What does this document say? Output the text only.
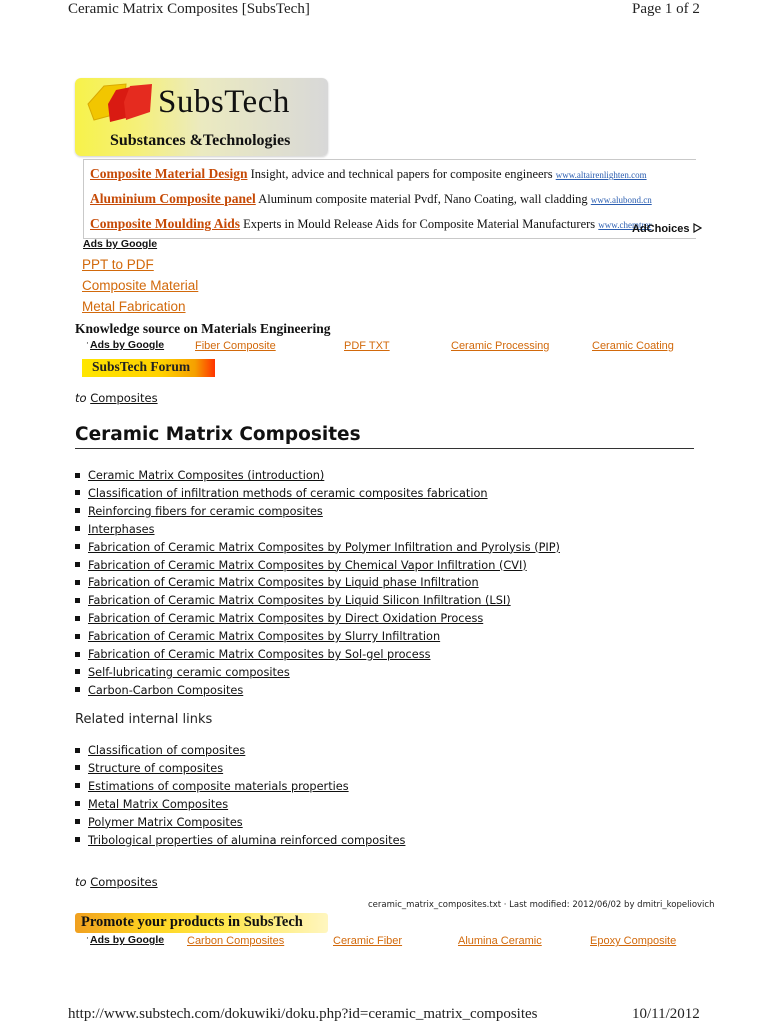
Ceramic Matrix Composites [SubsTech]	Page 1 of 2
SubsTech
Substances &Technologies
Composite Material Design Insight, advice and technical papers for composite engineers www.altairenlighten.com
Aluminium Composite panel Aluminum composite material Pvdf, Nano Coating, wall cladding www.alubond.cn
Composite Moulding Aids Experts in Mould Release Aids for Composite Material Manufacturers www.chemtrer
AdChoices
Ads by Google
PPT to PDF
Composite Material
Metal Fabrication
Knowledge source on Materials Engineering
· Ads by Google	Fiber Composite	PDF TXT	Ceramic Processing	Ceramic Coating
SubsTech Forum
to Composites
Ceramic Matrix Composites
Ceramic Matrix Composites (introduction)
Classification of infiltration methods of ceramic composites fabrication
Reinforcing fibers for ceramic composites
Interphases
Fabrication of Ceramic Matrix Composites by Polymer Infiltration and Pyrolysis (PIP)
Fabrication of Ceramic Matrix Composites by Chemical Vapor Infiltration (CVI)
Fabrication of Ceramic Matrix Composites by Liquid phase Infiltration
Fabrication of Ceramic Matrix Composites by Liquid Silicon Infiltration (LSI)
Fabrication of Ceramic Matrix Composites by Direct Oxidation Process
Fabrication of Ceramic Matrix Composites by Slurry Infiltration
Fabrication of Ceramic Matrix Composites by Sol-gel process
Self-lubricating ceramic composites
Carbon-Carbon Composites
Related internal links
Classification of composites
Structure of composites
Estimations of composite materials properties
Metal Matrix Composites
Polymer Matrix Composites
Tribological properties of alumina reinforced composites
to Composites
ceramic_matrix_composites.txt · Last modified: 2012/06/02 by dmitri_kopeliovich
Promote your products in SubsTech
· Ads by Google Carbon Composites	Ceramic Fiber	Alumina Ceramic	Epoxy Composite
http://www.substech.com/dokuwiki/doku.php?id=ceramic_matrix_composites	10/11/2012
